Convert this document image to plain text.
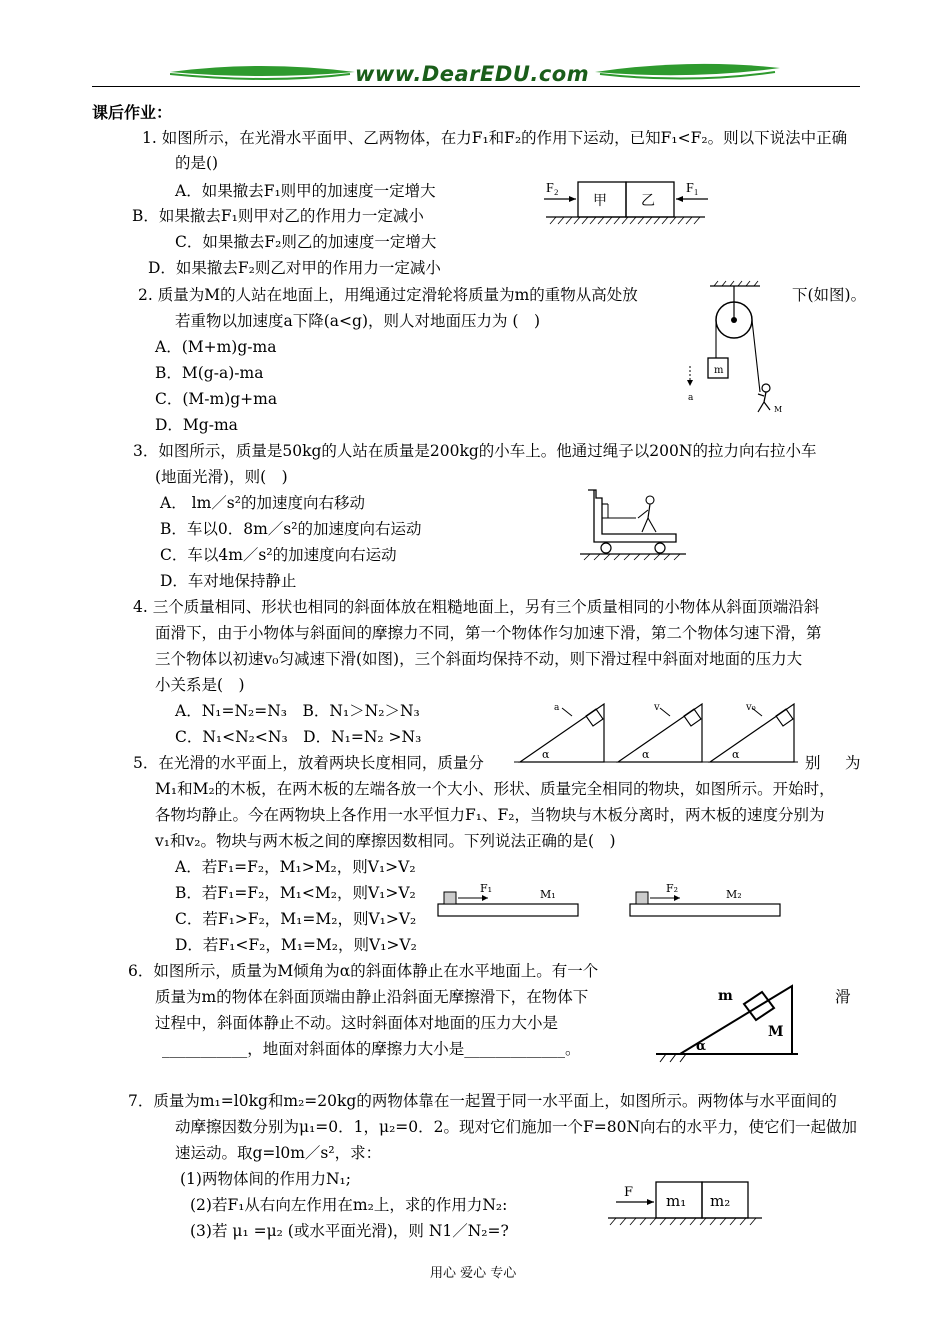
www.DearEDU.com
课后作业：
1. 如图所示，在光滑水平面甲、乙两物体，在力F₁和F₂的作用下运动，已知F₁<F₂。则以下说法中正确
的是()
A．如果撤去F₁则甲的加速度一定增大
B．如果撤去F₁则甲对乙的作用力一定减小
C．如果撤去F₂则乙的加速度一定增大
D．如果撤去F₂则乙对甲的作用力一定减小
F₂
甲 乙
F₁
2. 质量为M的人站在地面上，用绳通过定滑轮将质量为m的重物从高处放	下(如图)。
若重物以加速度a下降(a<g)，则人对地面压力为 (　)
A．(M+m)g-ma
B．M(g-a)-ma
C．(M-m)g+ma
D．Mg-ma
m
a
M
3．如图所示，质量是50kg的人站在质量是200kg的小车上。他通过绳子以200N的拉力向右拉小车
(地面光滑)，则(　)
A． lm／s²的加速度向右移动
B．车以0．8m／s²的加速度向右运动
C．车以4m／s²的加速度向右运动
D．车对地保持静止
4. 三个质量相同、形状也相同的斜面体放在粗糙地面上，另有三个质量相同的小物体从斜面顶端沿斜
面滑下，由于小物体与斜面间的摩擦力不同，第一个物体作匀加速下滑，第二个物体匀速下滑，第
三个物体以初速v₀匀减速下滑(如图)，三个斜面均保持不动，则下滑过程中斜面对地面的压力大
小关系是(　)
A．N₁=N₂=N₃　B．N₁＞N₂＞N₃
C．N₁<N₂<N₃　D．N₁=N₂ >N₃
a	v	v₀
α	α	α
5．在光滑的水平面上，放着两块长度相同，质量分	别 为
M₁和M₂的木板，在两木板的左端各放一个大小、形状、质量完全相同的物块，如图所示。开始时，
各物均静止。今在两物块上各作用一水平恒力F₁、F₂，当物块与木板分离时，两木板的速度分别为
v₁和v₂。物块与两木板之间的摩擦因数相同。下列说法正确的是(　)
A．若F₁=F₂，M₁>M₂，则V₁>V₂
B．若F₁=F₂，M₁<M₂，则V₁>V₂
C．若F₁>F₂，M₁=M₂，则V₁>V₂
D．若F₁<F₂，M₁=M₂，则V₁>V₂
F₁	M₁	F₂	M₂
6．如图所示，质量为M倾角为α的斜面体静止在水平地面上。有一个
质量为m的物体在斜面顶端由静止沿斜面无摩擦滑下，在物体下	滑
过程中，斜面体静止不动。这时斜面体对地面的压力大小是
___________，地面对斜面体的摩擦力大小是_____________。
m
M
α
7．质量为m₁=l0kg和m₂=20kg的两物体靠在一起置于同一水平面上，如图所示。两物体与水平面间的
动摩擦因数分别为μ₁=0．1，μ₂=0．2。现对它们施加一个F=80N向右的水平力，使它们一起做加
速运动。取g=l0m／s²，求：
(1)两物体间的作用力N₁;
(2)若F₁从右向左作用在m₂上，求的作用力N₂:
(3)若 μ₁ =μ₂ (或水平面光滑)，则 N1／N₂=?
F m₁ m₂
用心 爱心 专心
